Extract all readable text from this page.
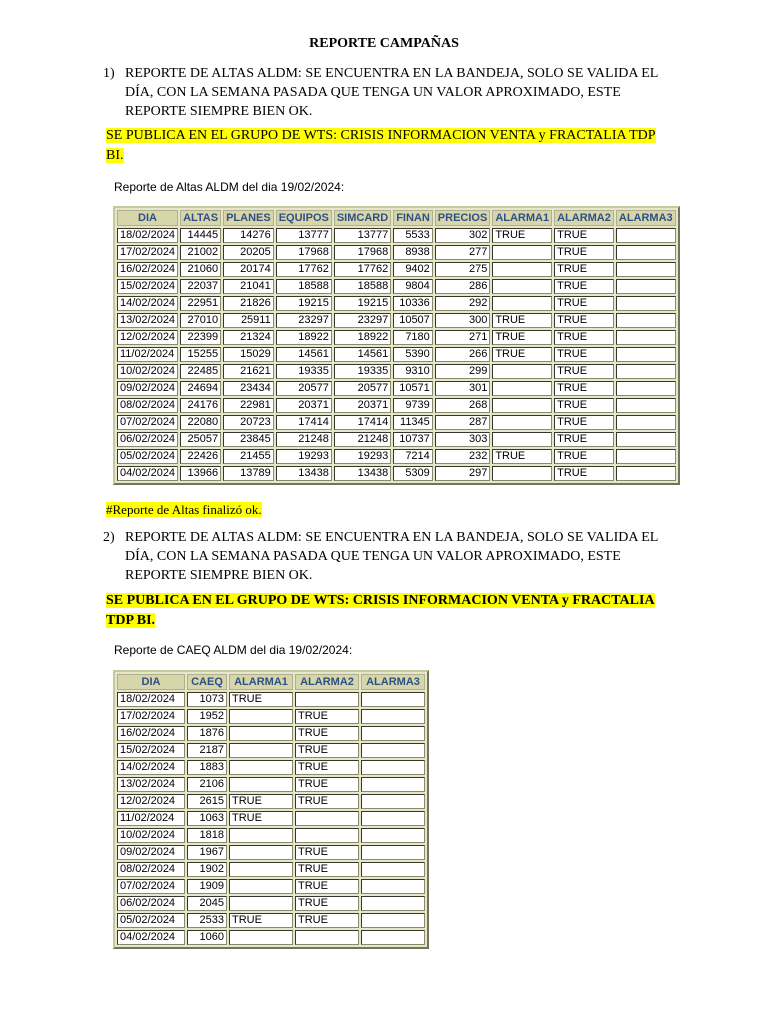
REPORTE CAMPAÑAS
1) REPORTE DE ALTAS ALDM: SE ENCUENTRA EN LA BANDEJA, SOLO SE VALIDA EL DÍA, CON LA SEMANA PASADA QUE TENGA UN VALOR APROXIMADO, ESTE REPORTE SIEMPRE BIEN OK.
SE PUBLICA EN EL GRUPO DE WTS: CRISIS INFORMACION VENTA y FRACTALIA TDP BI.
Reporte de Altas ALDM del dia 19/02/2024:
DIA	ALTAS	PLANES	EQUIPOS	SIMCARD	FINAN	PRECIOS	ALARMA1	ALARMA2	ALARMA3
18/02/2024	14445	14276	13777	13777	5533	302	TRUE	TRUE	
17/02/2024	21002	20205	17968	17968	8938	277		TRUE	
16/02/2024	21060	20174	17762	17762	9402	275		TRUE	
15/02/2024	22037	21041	18588	18588	9804	286		TRUE	
14/02/2024	22951	21826	19215	19215	10336	292		TRUE	
13/02/2024	27010	25911	23297	23297	10507	300	TRUE	TRUE	
12/02/2024	22399	21324	18922	18922	7180	271	TRUE	TRUE	
11/02/2024	15255	15029	14561	14561	5390	266	TRUE	TRUE	
10/02/2024	22485	21621	19335	19335	9310	299		TRUE	
09/02/2024	24694	23434	20577	20577	10571	301		TRUE	
08/02/2024	24176	22981	20371	20371	9739	268		TRUE	
07/02/2024	22080	20723	17414	17414	11345	287		TRUE	
06/02/2024	25057	23845	21248	21248	10737	303		TRUE	
05/02/2024	22426	21455	19293	19293	7214	232	TRUE	TRUE	
04/02/2024	13966	13789	13438	13438	5309	297		TRUE	
#Reporte de Altas finalizó ok.
2) REPORTE DE ALTAS ALDM: SE ENCUENTRA EN LA BANDEJA, SOLO SE VALIDA EL DÍA, CON LA SEMANA PASADA QUE TENGA UN VALOR APROXIMADO, ESTE REPORTE SIEMPRE BIEN OK.
SE PUBLICA EN EL GRUPO DE WTS: CRISIS INFORMACION VENTA y FRACTALIA TDP BI.
Reporte de CAEQ ALDM del dia 19/02/2024:
DIA	CAEQ	ALARMA1	ALARMA2	ALARMA3
18/02/2024	1073	TRUE		
17/02/2024	1952		TRUE	
16/02/2024	1876		TRUE	
15/02/2024	2187		TRUE	
14/02/2024	1883		TRUE	
13/02/2024	2106		TRUE	
12/02/2024	2615	TRUE	TRUE	
11/02/2024	1063	TRUE		
10/02/2024	1818			
09/02/2024	1967		TRUE	
08/02/2024	1902		TRUE	
07/02/2024	1909		TRUE	
06/02/2024	2045		TRUE	
05/02/2024	2533	TRUE	TRUE	
04/02/2024	1060			
